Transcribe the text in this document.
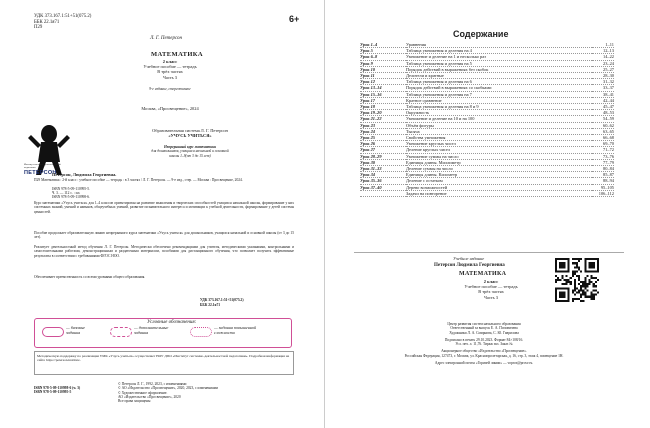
УДК 373.167.1:51+51(075.2)
ББК 22.1я71
П29
6+
Л. Г. Петерсон
МАТЕМАТИКА
2 класс
Учебное пособие — тетрадь
В трёх частях
Часть 3
9-е издание, стереотипное
Москва, «Просвещение», 2024
Институт системно-деятельностной педагогики
ПЕТЕРСОН
Образовательная система Л. Г. Петерсон
«УЧУСЬ УЧИТЬСЯ»
Непрерывный курс математики
для дошкольников, учащихся начальной и основной
школы 1–9(от 3 до 15 лет)
Петерсон, Людмила Георгиевна.
П29 Математика : 2-й класс : учебное пособие — тетрадь : в 3 частях / Л. Г. Петерсон. — 9-е изд., стер. — Москва : Просвещение, 2024.
ISBN 978-5-09-110995-5.
Ч. 3. — 112 с. : ил.
ISBN 978-5-09-110998-6.
Курс математики «Учусь учиться» для 1–4 классов ориентирован на развитие мышления и творческих способностей учащихся начальной школы, формирование у них системных знаний, умений и навыков, общеучебных умений, развитие познавательного интереса и мотивации к учебной деятельности, формирование у детей системы ценностей.
Пособие продолжает образовательную линию непрерывного курса математики «Учусь учиться» для дошкольников, учащихся начальной и основной школы (от 3 до 15 лет).
Реализует деятельностный метод обучения Л. Г. Петерсон. Методически обеспечено рекомендациями для учителя, методическими указаниями, контрольными и самостоятельными работами, демонстрационным и раздаточным материалом, пособиями для дистанционного обучения, что позволяет получить эффективные результаты в соответствии с требованиями ФГОС НОО.
Обеспечивает преемственность со всеми уровнями общего образования.
УДК 373.167.1:51+51(075.2)
ББК 22.1я71
Условные обозначения:
— базовые задания
— дополнительные задания
— задания повышенной сложности
Методическую поддержку по реализации УМК «Учусь учиться» осуществляет НОУ ДПО «Институт системно-деятельностной педагогики». Подробная информация на сайте https://peterson.institute.
ISBN 978-5-09-110998-6 (ч. 3)
ISBN 978-5-09-110995-5
© Петерсон Л. Г., 1992, 2023, с изменениями
© АО «Издательство «Просвещение», 2020, 2023, с изменениями
© Художественное оформление.
АО «Издательство «Просвещение», 2020
Все права защищены
Содержание
Урок 1–4	Уравнения	1–11
Урок 5	Таблица умножения и деления на 4	12–13
Урок 6–8	Умножение и деление на 1 и несколько раз	14–22
Урок 9	Таблица умножения и деления на 5	23–24
Урок 10	Порядок действий в выражениях без скобок	25–27
Урок 11	Делители и кратные	28–30
Урок 12	Таблица умножения и деления на 6	31–32
Урок 13–14	Порядок действий в выражениях со скобками	33–37
Урок 15–16	Таблица умножения и деления на 7	38–41
Урок 17	Кратное сравнение	42–44
Урок 18	Таблица умножения и деления на 8 и 9	45–47
Урок 19–20	Окружность	48–53
Урок 21–22	Умножение и деление на 10 и на 100	54–59
Урок 23	Объём фигуры	60–62
Урок 24	Тысяча	63–65
Урок 25	Свойства умножения	66–68
Урок 26	Умножение круглых чисел	69–70
Урок 27	Деление круглых чисел	71–72
Урок 28–29	Умножение суммы на число	73–76
Урок 30	Единицы длины. Миллиметр	77–79
Урок 31–33	Деление суммы на число	80–84
Урок 34	Единицы длины. Километр	85–87
Урок 35–36	Деление с остатком	88–94
Урок 37–40	Дерево возможностей	95–105
	Задачи на повторение	106–112
Учебное издание
Петерсон Людмила Георгиевна
МАТЕМАТИКА
2 класс
Учебное пособие — тетрадь
В трёх частях
Часть 3
Центр развития систем начального образования
Ответственный за выпуск Е. А. Поповичева
Художники Л. А. Смирнова, С. Ю. Гаврилова
Подписано в печать 29.10.2023. Формат 84×108/16.
Усл. печ. л. 11,76. Тираж экз. Заказ №
Акционерное общество «Издательство «Просвещение».
Российская Федерация, 127473, г. Москва, ул. Краснопролетарская, д. 16, стр. 3, этаж 4, помещение 1Н.
Адрес электронной почты «Горячей линии» — vopros@prosv.ru.
